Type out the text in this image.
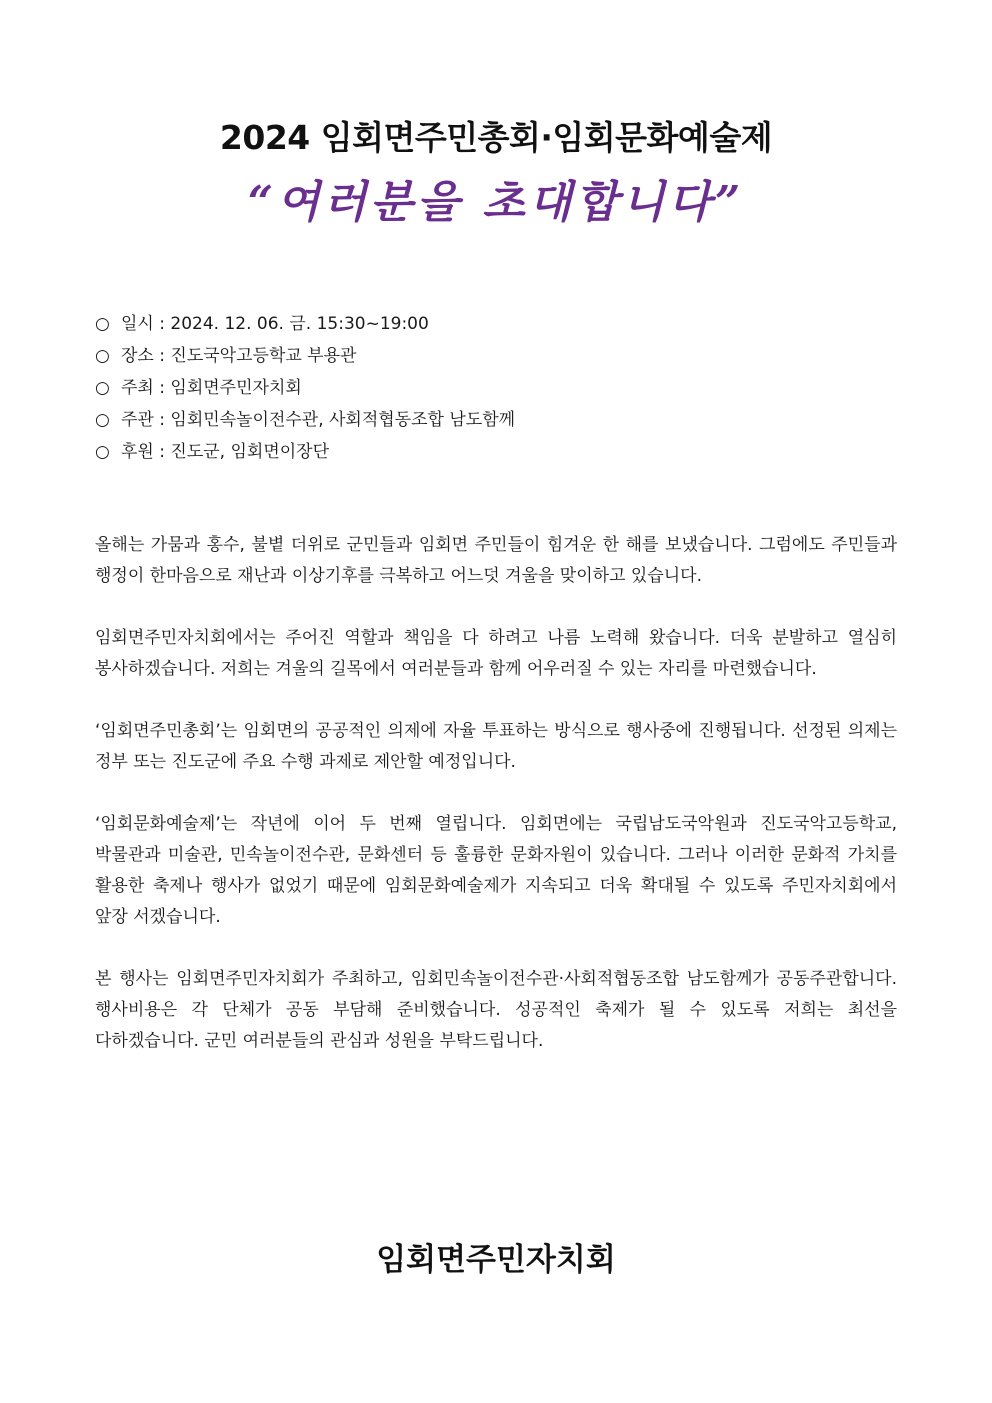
2024 임회면주민총회·임회문화예술제
“여러분을 초대합니다”
○ 일시 : 2024. 12. 06. 금. 15:30~19:00
○ 장소 : 진도국악고등학교 부용관
○ 주최 : 임회면주민자치회
○ 주관 : 임회민속놀이전수관, 사회적협동조합 남도함께
○ 후원 : 진도군, 임회면이장단

올해는 가뭄과 홍수, 불볕 더위로 군민들과 임회면 주민들이 힘겨운 한 해를 보냈습니다. 그럼에도 주민들과 행정이 한마음으로 재난과 이상기후를 극복하고 어느덧 겨울을 맞이하고 있습니다.

임회면주민자치회에서는 주어진 역할과 책임을 다 하려고 나름 노력해 왔습니다. 더욱 분발하고 열심히 봉사하겠습니다. 저희는 겨울의 길목에서 여러분들과 함께 어우러질 수 있는 자리를 마련했습니다.

‘임회면주민총회’는 임회면의 공공적인 의제에 자율 투표하는 방식으로 행사중에 진행됩니다. 선정된 의제는 정부 또는 진도군에 주요 수행 과제로 제안할 예정입니다.

‘임회문화예술제’는 작년에 이어 두 번째 열립니다. 임회면에는 국립남도국악원과 진도국악고등학교, 박물관과 미술관, 민속놀이전수관, 문화센터 등 훌륭한 문화자원이 있습니다. 그러나 이러한 문화적 가치를 활용한 축제나 행사가 없었기 때문에 임회문화예술제가 지속되고 더욱 확대될 수 있도록 주민자치회에서 앞장 서겠습니다.

본 행사는 임회면주민자치회가 주최하고, 임회민속놀이전수관·사회적협동조합 남도함께가 공동주관합니다. 행사비용은 각 단체가 공동 부담해 준비했습니다. 성공적인 축제가 될 수 있도록 저희는 최선을 다하겠습니다. 군민 여러분들의 관심과 성원을 부탁드립니다.

임회면주민자치회
